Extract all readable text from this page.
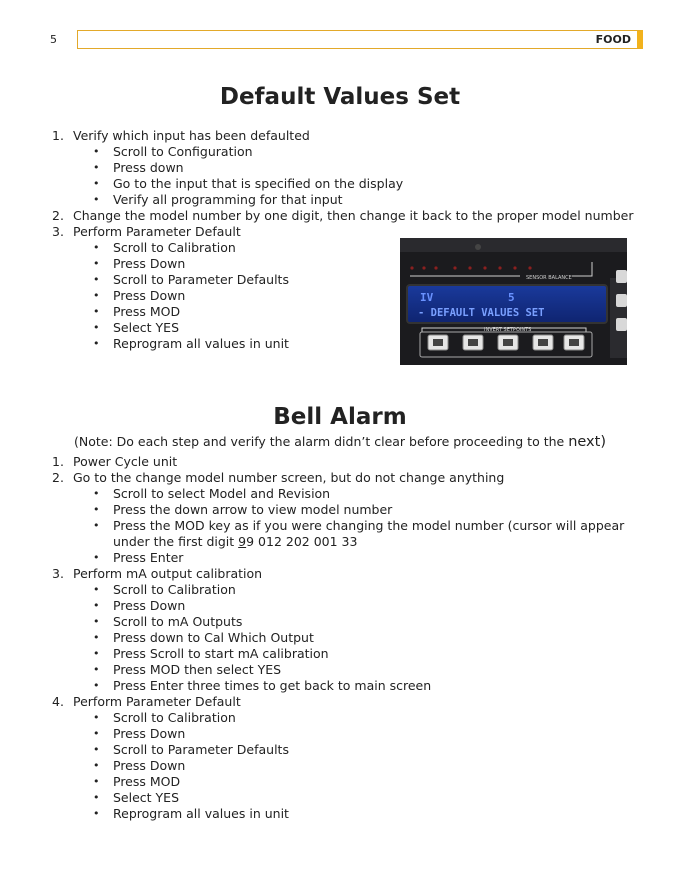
5	FOOD
Default Values Set
1. Verify which input has been defaulted
• Scroll to Configuration
• Press down
• Go to the input that is specified on the display
• Verify all programming for that input
2. Change the model number by one digit, then change it back to the proper model number
3. Perform Parameter Default
• Scroll to Calibration
• Press Down
• Scroll to Parameter Defaults
• Press Down
• Press MOD
• Select YES
• Reprogram all values in unit
SENSOR BALANCE
IV	5
- DEFAULT VALUES SET
INVERT SETPOINTS
Bell Alarm
(Note: Do each step and verify the alarm didn’t clear before proceeding to the next)
1. Power Cycle unit
2. Go to the change model number screen, but do not change anything
• Scroll to select Model and Revision
• Press the down arrow to view model number
• Press the MOD key as if you were changing the model number (cursor will appear
under the first digit 99 012 202 001 33
• Press Enter
3. Perform mA output calibration
• Scroll to Calibration
• Press Down
• Scroll to mA Outputs
• Press down to Cal Which Output
• Press Scroll to start mA calibration
• Press MOD then select YES
• Press Enter three times to get back to main screen
4. Perform Parameter Default
• Scroll to Calibration
• Press Down
• Scroll to Parameter Defaults
• Press Down
• Press MOD
• Select YES
• Reprogram all values in unit
